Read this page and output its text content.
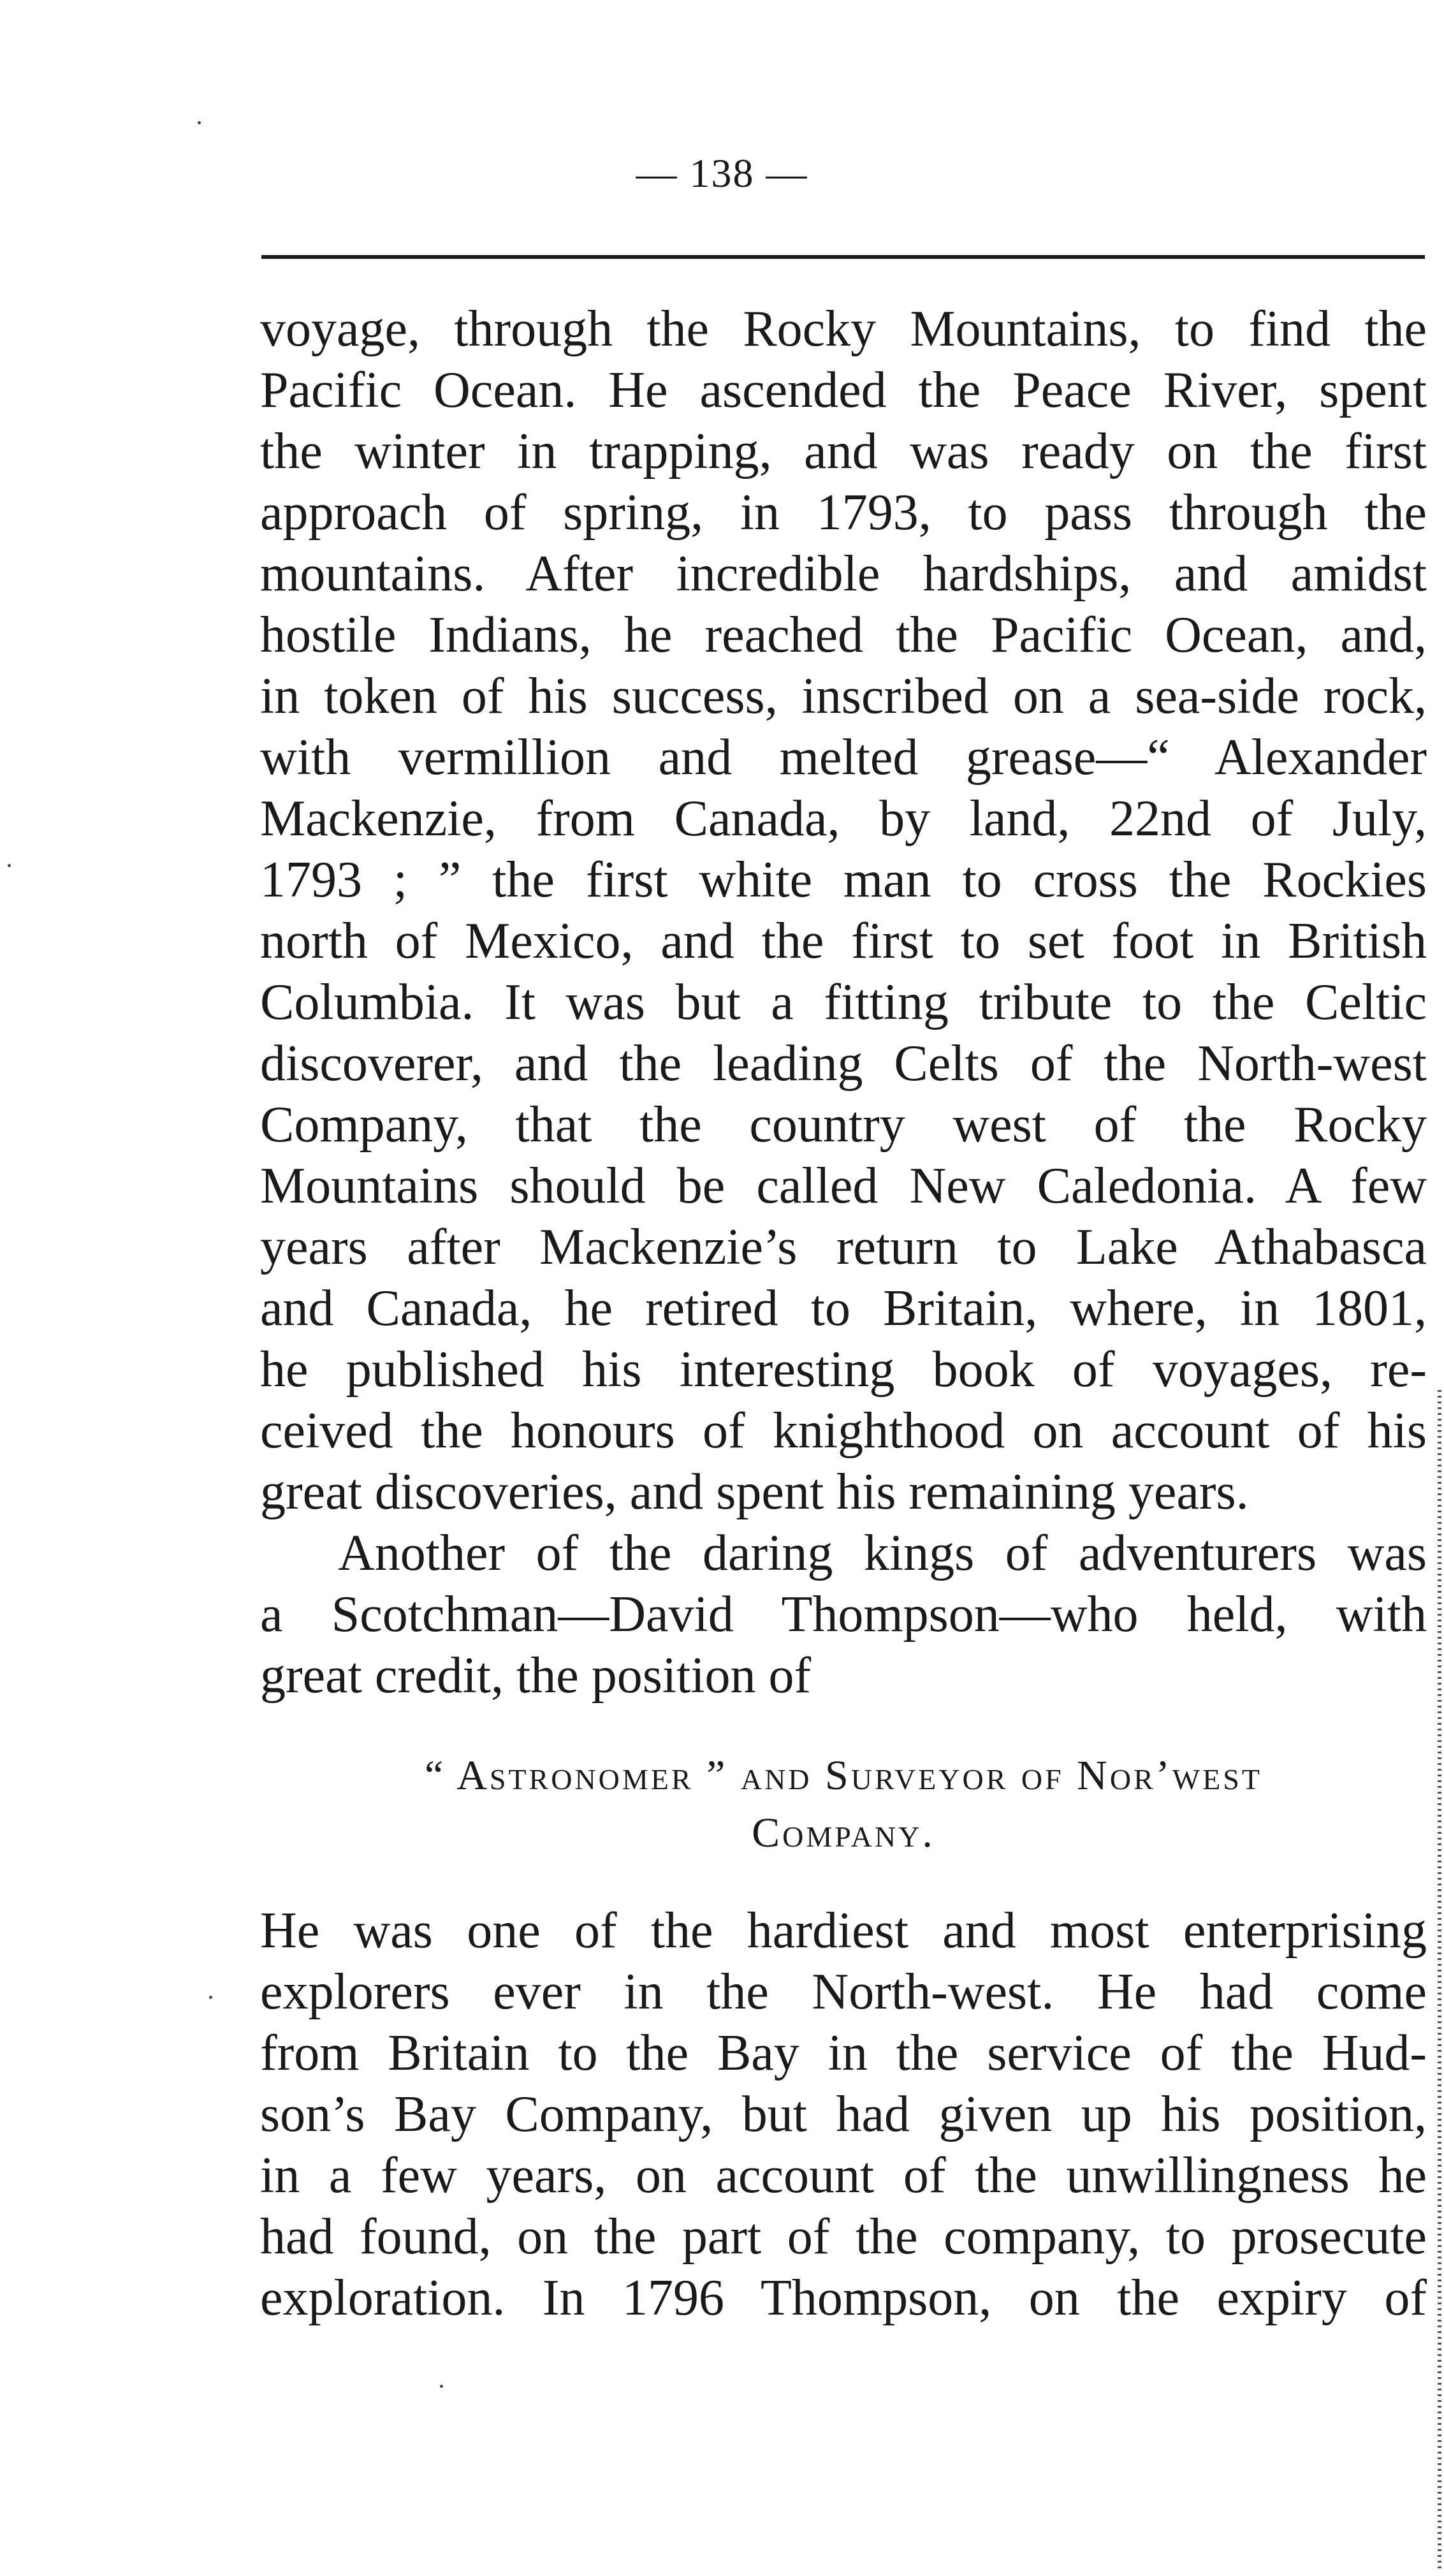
— 138 —
voyage, through the Rocky Mountains, to find the
Pacific Ocean. He ascended the Peace River, spent
the winter in trapping, and was ready on the first
approach of spring, in 1793, to pass through the
mountains. After incredible hardships, and amidst
hostile Indians, he reached the Pacific Ocean, and,
in token of his success, inscribed on a sea-side rock,
with vermillion and melted grease—“ Alexander
Mackenzie, from Canada, by land, 22nd of July,
1793 ; ” the first white man to cross the Rockies
north of Mexico, and the first to set foot in British
Columbia. It was but a fitting tribute to the Celtic
discoverer, and the leading Celts of the North-west
Company, that the country west of the Rocky
Mountains should be called New Caledonia. A few
years after Mackenzie’s return to Lake Athabasca
and Canada, he retired to Britain, where, in 1801,
he published his interesting book of voyages, re-
ceived the honours of knighthood on account of his
great discoveries, and spent his remaining years.
Another of the daring kings of adventurers was
a Scotchman—David Thompson—who held, with
great credit, the position of
“ Astronomer ” and Surveyor of Nor’west
Company.
He was one of the hardiest and most enterprising
explorers ever in the North-west. He had come
from Britain to the Bay in the service of the Hud-
son’s Bay Company, but had given up his position,
in a few years, on account of the unwillingness he
had found, on the part of the company, to prosecute
exploration. In 1796 Thompson, on the expiry of
